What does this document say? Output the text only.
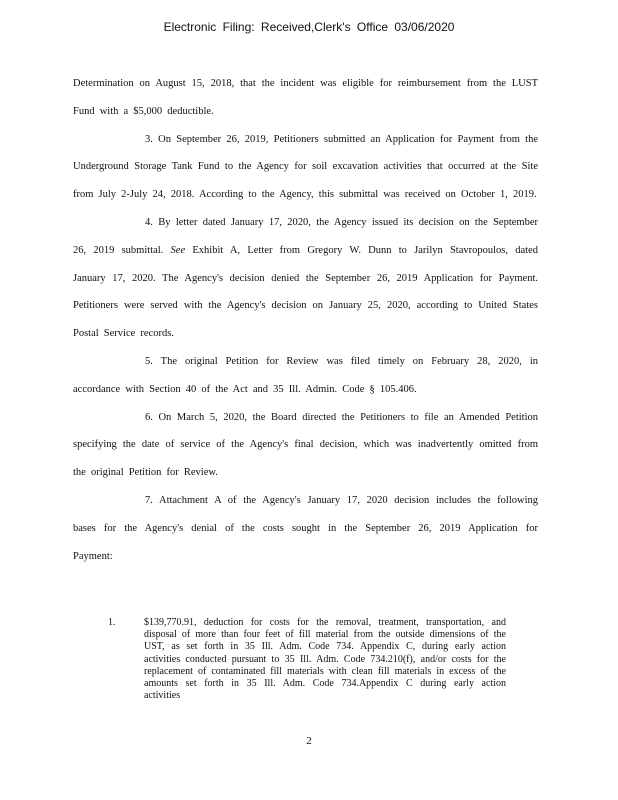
Electronic Filing: Received,Clerk's Office 03/06/2020

Determination on August 15, 2018, that the incident was eligible for reimbursement from the LUST Fund with a $5,000 deductible.

3. On September 26, 2019, Petitioners submitted an Application for Payment from the Underground Storage Tank Fund to the Agency for soil excavation activities that occurred at the Site from July 2-July 24, 2018. According to the Agency, this submittal was received on October 1, 2019.

4. By letter dated January 17, 2020, the Agency issued its decision on the September 26, 2019 submittal. See Exhibit A, Letter from Gregory W. Dunn to Jarilyn Stavropoulos, dated January 17, 2020. The Agency's decision denied the September 26, 2019 Application for Payment. Petitioners were served with the Agency's decision on January 25, 2020, according to United States Postal Service records.

5. The original Petition for Review was filed timely on February 28, 2020, in accordance with Section 40 of the Act and 35 Ill. Admin. Code § 105.406.

6. On March 5, 2020, the Board directed the Petitioners to file an Amended Petition specifying the date of service of the Agency's final decision, which was inadvertently omitted from the original Petition for Review.

7. Attachment A of the Agency's January 17, 2020 decision includes the following bases for the Agency's denial of the costs sought in the September 26, 2019 Application for Payment:

1.	$139,770.91, deduction for costs for the removal, treatment, transportation, and disposal of more than four feet of fill material from the outside dimensions of the UST, as set forth in 35 Ill. Adm. Code 734. Appendix C, during early action activities conducted pursuant to 35 Ill. Adm. Code 734.210(f), and/or costs for the replacement of contaminated fill materials with clean fill materials in excess of the amounts set forth in 35 Ill. Adm. Code 734.Appendix C during early action activities
2
